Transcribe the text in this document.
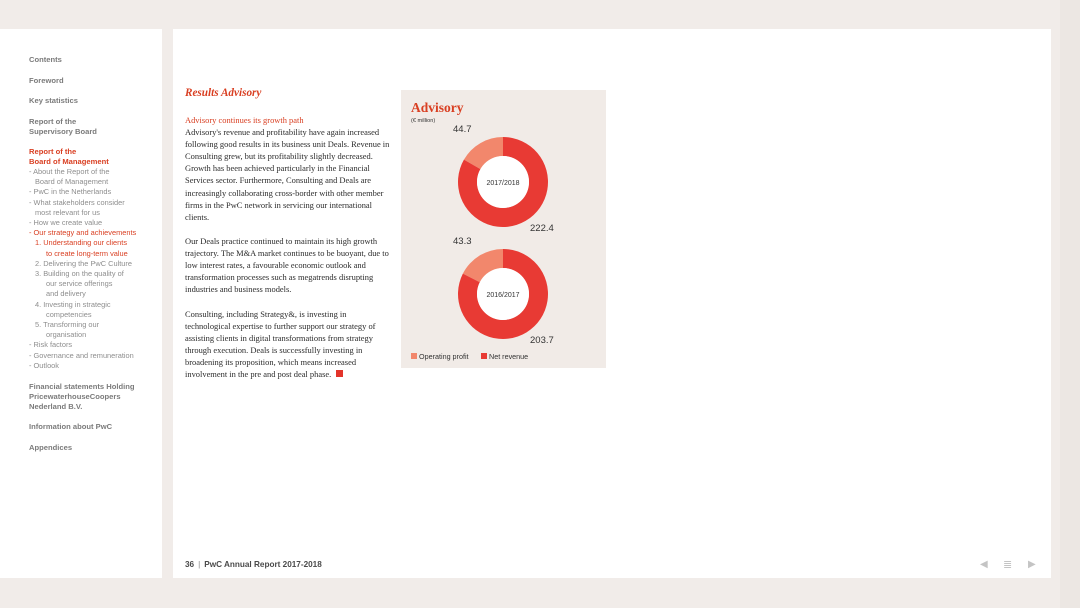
Contents
Foreword
Key statistics
Report of the
Supervisory Board
Report of the
Board of Management
- About the Report of the

Board of Management
- PwC in the Netherlands
- What stakeholders consider

most relevant for us
- How we create value
- Our strategy and achievements
1. Understanding our clients

to create long-term value
2. Delivering the PwC Culture
3. Building on the quality of

our service offerings
and delivery
4. Investing in strategic

competencies
5. Transforming our

organisation
- Risk factors
- Governance and remuneration
- Outlook
Financial statements Holding
PricewaterhouseCoopers
Nederland B.V.
Information about PwC
Appendices
Results Advisory

Advisory continues its growth path
Advisory's revenue and profitability have again increased following good results in its business unit Deals. Revenue in Consulting grew, but its profitability slightly decreased. Growth has been achieved particularly in the Financial Services sector. Furthermore, Consulting and Deals are increasingly collaborating cross-border with other member firms in the PwC network in servicing our international clients.

Our Deals practice continued to maintain its high growth trajectory. The M&A market continues to be buoyant, due to low interest rates, a favourable economic outlook and transformation processes such as megatrends disrupting industries and business models.

Consulting, including Strategy&, is investing in technological expertise to further support our strategy of assisting clients in digital transformations from strategy through execution. Deals is successfully investing in broadening its proposition, which means increased involvement in the pre and post deal phase.

Advisory
(€ million)
2017/2018
44.7
222.4
2016/2017
43.3
203.7
Operating profit	Net revenue
36 | PwC Annual Report 2017-2018	◀ ≣ ▶
